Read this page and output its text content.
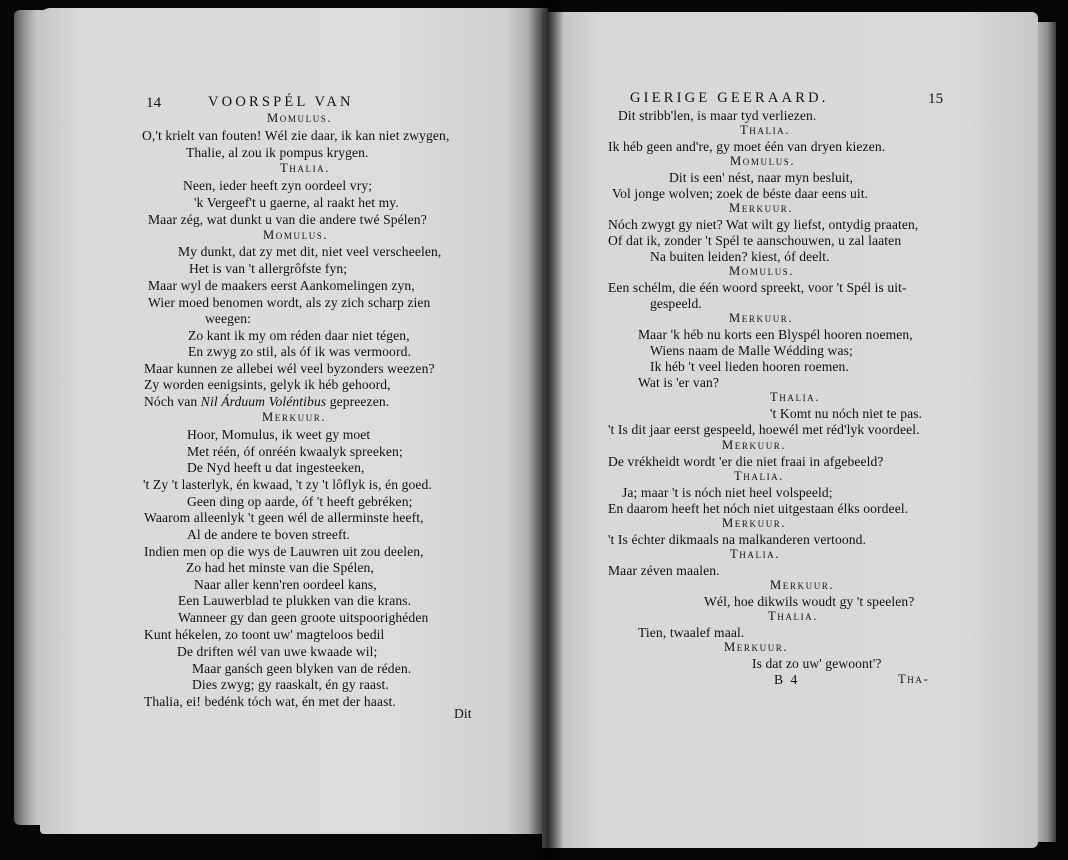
14	VOORSPÉL VAN
Momulus.
O,'t krielt van fouten! Wél zie daar, ik kan niet zwygen,
Thalie, al zou ik pompus krygen.
Thalia.
Neen, ieder heeft zyn oordeel vry;
'k Vergeef't u gaerne, al raakt het my.
Maar zég, wat dunkt u van die andere twé Spélen?
Momulus.
My dunkt, dat zy met dit, niet veel verscheelen,
Het is van 't allergrôfste fyn;
Maar wyl de maakers eerst Aankomelingen zyn,
Wier moed benomen wordt, als zy zich scharp zien
weegen:
Zo kant ik my om réden daar niet tégen,
En zwyg zo stil, als óf ik was vermoord.
Maar kunnen ze allebei wél veel byzonders weezen?
Zy worden eenigsints, gelyk ik héb gehoord,
Nóch van Nil Árduum Voléntibus gepreezen.
Merkuur.
Hoor, Momulus, ik weet gy moet
Met réén, óf onréén kwaalyk spreeken;
De Nyd heeft u dat ingesteeken,
't Zy 't lasterlyk, én kwaad, 't zy 't lôflyk is, én goed.
Geen ding op aarde, óf 't heeft gebréken;
Waarom alleenlyk 't geen wél de allerminste heeft,
Al de andere te boven streeft.
Indien men op die wys de Lauwren uit zou deelen,
Zo had het minste van die Spélen,
Naar aller kenn'ren oordeel kans,
Een Lauwerblad te plukken van die krans.
Wanneer gy dan geen groote uitspoorighéden
Kunt hékelen, zo toont uw' magteloos bedil
De driften wél van uwe kwaade wil;
Maar ganśch geen blyken van de réden.
Dies zwyg; gy raaskalt, én gy raast.
Thalia, ei! bedénk tóch wat, én met der haast.
Dit
GIERIGE GEERAARD.	15
Dit stribb'len, is maar tyd verliezen.
Thalia.
Ik héb geen and're, gy moet één van dryen kiezen.
Momulus.
Dit is een' nést, naar myn besluit,
Vol jonge wolven; zoek de béste daar eens uit.
Merkuur.
Nóch zwygt gy niet? Wat wilt gy liefst, ontydig praaten,
Of dat ik, zonder 't Spél te aanschouwen, u zal laaten
Na buiten leiden? kiest, óf deelt.
Momulus.
Een schélm, die één woord spreekt, voor 't Spél is uit-
gespeeld.
Merkuur.
Maar 'k héb nu korts een Blyspél hooren noemen,
Wiens naam de Malle Wédding was;
Ik héb 't veel lieden hooren roemen.
Wat is 'er van?
Thalia.
't Komt nu nóch niet te pas.
't Is dit jaar eerst gespeeld, hoewél met réd'lyk voordeel.
Merkuur.
De vrékheidt wordt 'er die niet fraai in afgebeeld?
Thalia.
Ja; maar 't is nóch niet heel volspeeld;
En daarom heeft het nóch niet uitgestaan élks oordeel.
Merkuur.
't Is échter dikmaals na malkanderen vertoond.
Thalia.
Maar zéven maalen.
Merkuur.
Wél, hoe dikwils woudt gy 't speelen?
Thalia.
Tien, twaalef maal.
Merkuur.
Is dat zo uw' gewoont'?
B 4	Tha-
